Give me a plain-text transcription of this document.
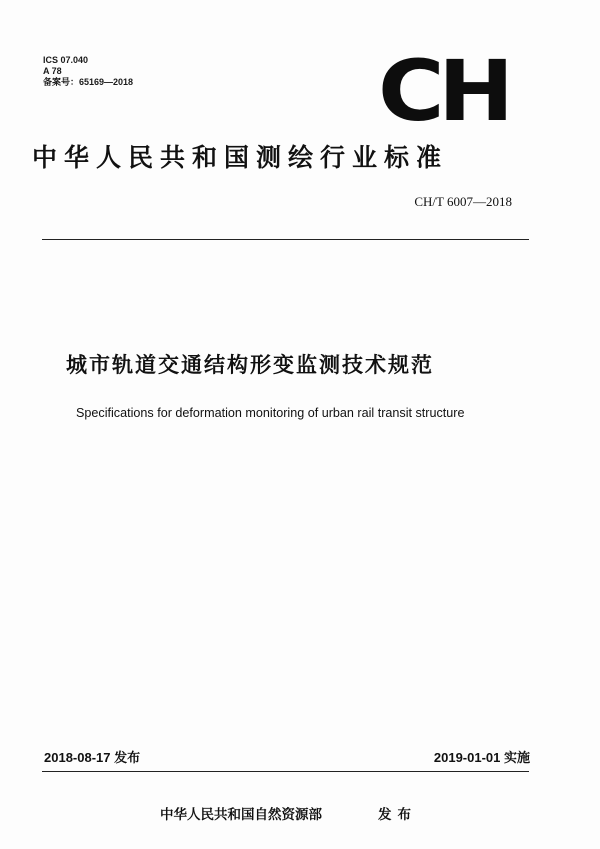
ICS 07.040
A 78
备案号：65169—2018	CH
中华人民共和国测绘行业标准
CH/T 6007—2018
城市轨道交通结构形变监测技术规范
Specifications for deformation monitoring of urban rail transit structure
2018-08-17 发布	2019-01-01 实施
中华人民共和国自然资源部	发布
